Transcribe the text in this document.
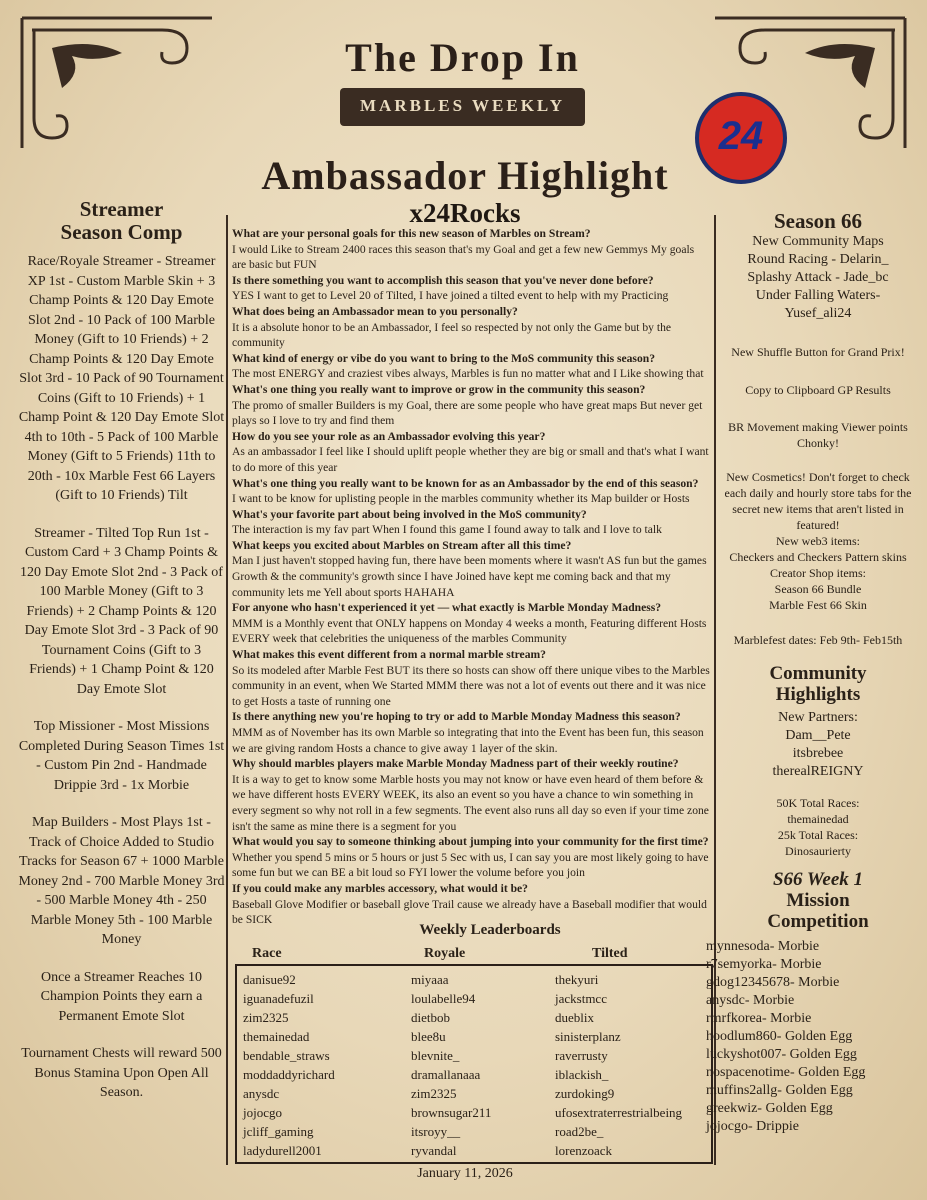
The Drop In
MARBLES WEEKLY
Ambassador Highlight
x24Rocks
24
Streamer
Season Comp

Race/Royale Streamer - Streamer XP 1st - Custom Marble Skin + 3 Champ Points & 120 Day Emote Slot 2nd - 10 Pack of 100 Marble Money (Gift to 10 Friends) + 2 Champ Points & 120 Day Emote Slot 3rd - 10 Pack of 90 Tournament Coins (Gift to 10 Friends) + 1 Champ Point & 120 Day Emote Slot 4th to 10th - 5 Pack of 100 Marble Money (Gift to 5 Friends) 11th to 20th - 10x Marble Fest 66 Layers (Gift to 10 Friends) Tilt

Streamer - Tilted Top Run 1st - Custom Card + 3 Champ Points & 120 Day Emote Slot 2nd - 3 Pack of 100 Marble Money (Gift to 3 Friends) + 2 Champ Points & 120 Day Emote Slot 3rd - 3 Pack of 90 Tournament Coins (Gift to 3 Friends) + 1 Champ Point & 120 Day Emote Slot

Top Missioner - Most Missions Completed During Season Times 1st - Custom Pin 2nd - Handmade Drippie 3rd - 1x Morbie

Map Builders - Most Plays 1st - Track of Choice Added to Studio Tracks for Season 67 + 1000 Marble Money 2nd - 700 Marble Money 3rd - 500 Marble Money 4th - 250 Marble Money 5th - 100 Marble Money

Once a Streamer Reaches 10 Champion Points they earn a Permanent Emote Slot

Tournament Chests will reward 500 Bonus Stamina Upon Open All Season.

What are your personal goals for this new season of Marbles on Stream?
I would Like to Stream 2400 races this season that's my Goal and get a few new Gemmys My goals are basic but FUN
Is there something you want to accomplish this season that you've never done before?
YES I want to get to Level 20 of Tilted, I have joined a tilted event to help with my Practicing
What does being an Ambassador mean to you personally?
It is a absolute honor to be an Ambassador, I feel so respected by not only the Game but by the community
What kind of energy or vibe do you want to bring to the MoS community this season?
The most ENERGY and craziest vibes always, Marbles is fun no matter what and I Like showing that
What's one thing you really want to improve or grow in the community this season?
The promo of smaller Builders is my Goal, there are some people who have great maps But never get plays so I love to try and find them
How do you see your role as an Ambassador evolving this year?
As an ambassador I feel like I should uplift people whether they are big or small and that's what I want to do more of this year
What's one thing you really want to be known for as an Ambassador by the end of this season?
I want to be know for uplisting people in the marbles community whether its Map builder or Hosts
What's your favorite part about being involved in the MoS community?
The interaction is my fav part When I found this game I found away to talk and I love to talk
What keeps you excited about Marbles on Stream after all this time?
Man I just haven't stopped having fun, there have been moments where it wasn't AS fun but the games Growth & the community's growth since I have Joined have kept me coming back and that my community lets me Yell about sports HAHAHA
For anyone who hasn't experienced it yet — what exactly is Marble Monday Madness?
MMM is a Monthly event that ONLY happens on Monday 4 weeks a month, Featuring different Hosts EVERY week that celebrities the uniqueness of the marbles Community
What makes this event different from a normal marble stream?
So its modeled after Marble Fest BUT its there so hosts can show off there unique vibes to the Marbles community in an event, when We Started MMM there was not a lot of events out there and it was nice to get Hosts a taste of running one
Is there anything new you're hoping to try or add to Marble Monday Madness this season?
MMM as of November has its own Marble so integrating that into the Event has been fun, this season we are giving random Hosts a chance to give away 1 layer of the skin.
Why should marbles players make Marble Monday Madness part of their weekly routine?
It is a way to get to know some Marble hosts you may not know or have even heard of them before & we have different hosts EVERY WEEK, its also an event so you have a chance to win something in every segment so why not roll in a few segments. The event also runs all day so even if your time zone isn't the same as mine there is a segment for you
What would you say to someone thinking about jumping into your community for the first time?
Whether you spend 5 mins or 5 hours or just 5 Sec with us, I can say you are most likely going to have some fun but we can BE a bit loud so FYI lower the volume before you join
If you could make any marbles accessory, what would it be?
Baseball Glove Modifier or baseball glove Trail cause we already have a Baseball modifier that would be SICK
Season 66

New Community Maps

Round Racing - Delarin_

Splashy Attack - Jade_bc

Under Falling Waters-

Yusef_ali24

New Shuffle Button for Grand Prix!

Copy to Clipboard GP Results

BR Movement making Viewer points Chonky!

New Cosmetics! Don't forget to check each daily and hourly store tabs for the secret new items that aren't listed in featured!

New web3 items:

Checkers and Checkers Pattern skins

Creator Shop items:

Season 66 Bundle

Marble Fest 66 Skin

Marblefest dates: Feb 9th- Feb15th

Community
Highlights

New Partners:

Dam__Pete

itsbrebee

therealREIGNY

50K Total Races:

themainedad

25k Total Races:

Dinosaurierty

S66 Week 1
Mission
Competition

mynnesoda- Morbie

r7semyorka- Morbie

gdog12345678- Morbie

anysdc- Morbie

rmrfkorea- Morbie

hoodlum860- Golden Egg

luckyshot007- Golden Egg

nospacenotime- Golden Egg

muffins2allg- Golden Egg

greekwiz- Golden Egg

jojocgo- Drippie

Weekly Leaderboards
Race	Royale	Tilted
danisue92
iguanadefuzil
zim2325
themainedad
bendable_straws
moddaddyrichard
anysdc
jojocgo
jcliff_gaming
ladydurell2001
miyaaa
loulabelle94
dietbob
blee8u
blevnite_
dramallanaaa
zim2325
brownsugar211
itsroyy__
ryvandal
thekyuri
jackstmcc
dueblix
sinisterplanz
raverrusty
iblackish_
zurdoking9
ufosextraterrestrialbeing
road2be_
lorenzoack
January 11, 2026
